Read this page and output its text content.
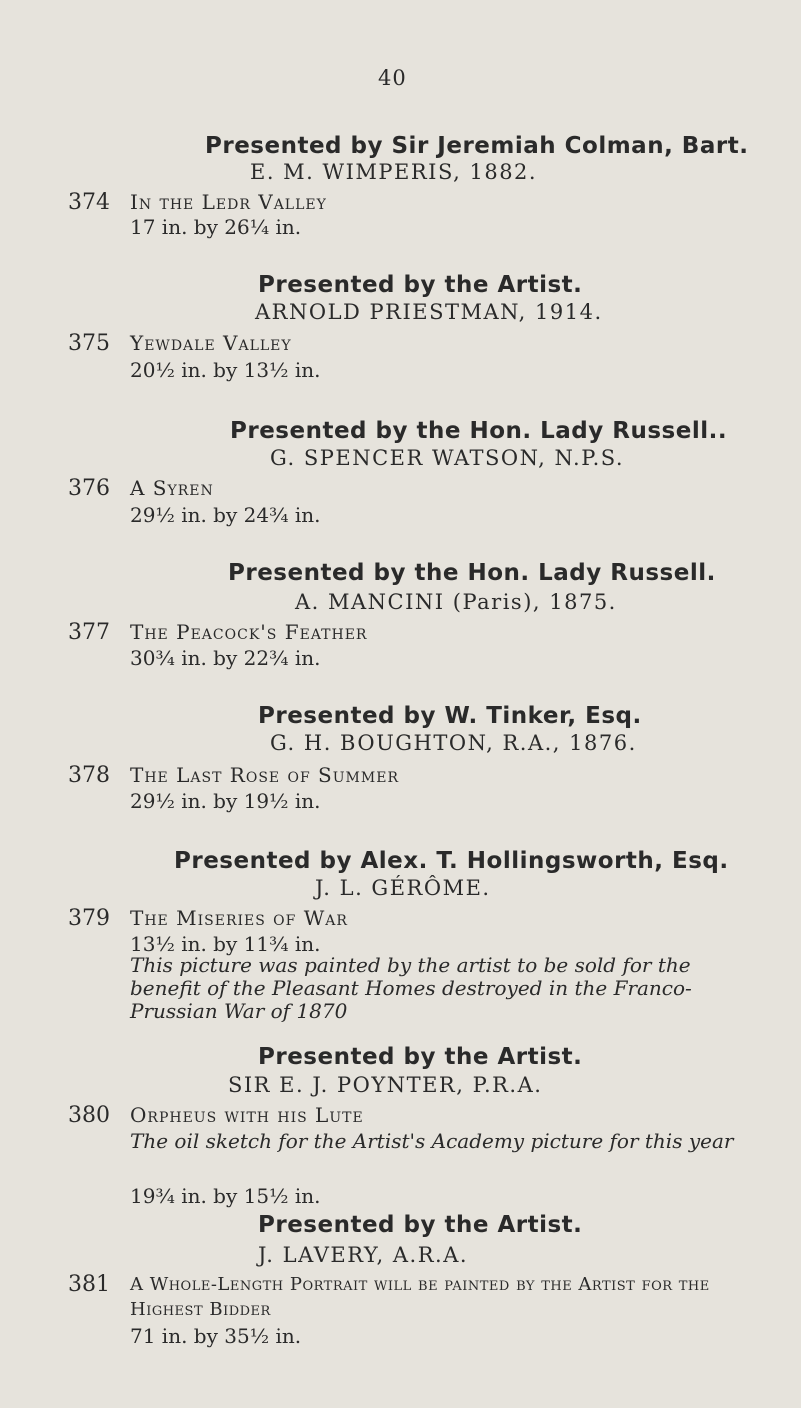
40
Presented by Sir Jeremiah Colman, Bart.
E. M. WIMPERIS, 1882.
374 In the Ledr Valley
17 in. by 26¼ in.
Presented by the Artist.
ARNOLD PRIESTMAN, 1914.
375 Yewdale Valley
20½ in. by 13½ in.
Presented by the Hon. Lady Russell..
G. SPENCER WATSON, N.P.S.
376 A Syren
29½ in. by 24¾ in.
Presented by the Hon. Lady Russell.
A. MANCINI (Paris), 1875.
377 The Peacock's Feather
30¾ in. by 22¾ in.
Presented by W. Tinker, Esq.
G. H. BOUGHTON, R.A., 1876.
378 The Last Rose of Summer
29½ in. by 19½ in.
Presented by Alex. T. Hollingsworth, Esq.
J. L. GÉRÔME.
379 The Miseries of War
13½ in. by 11¾ in.
This picture was painted by the artist to be sold for the benefit of the Pleasant Homes destroyed in the Franco-Prussian War of 1870
Presented by the Artist.
SIR E. J. POYNTER, P.R.A.
380 Orpheus with his Lute
The oil sketch for the Artist's Academy picture for this year
19¾ in. by 15½ in.
Presented by the Artist.
J. LAVERY, A.R.A.
381 A Whole-Length Portrait will be painted by the Artist for the Highest Bidder
71 in. by 35½ in.
